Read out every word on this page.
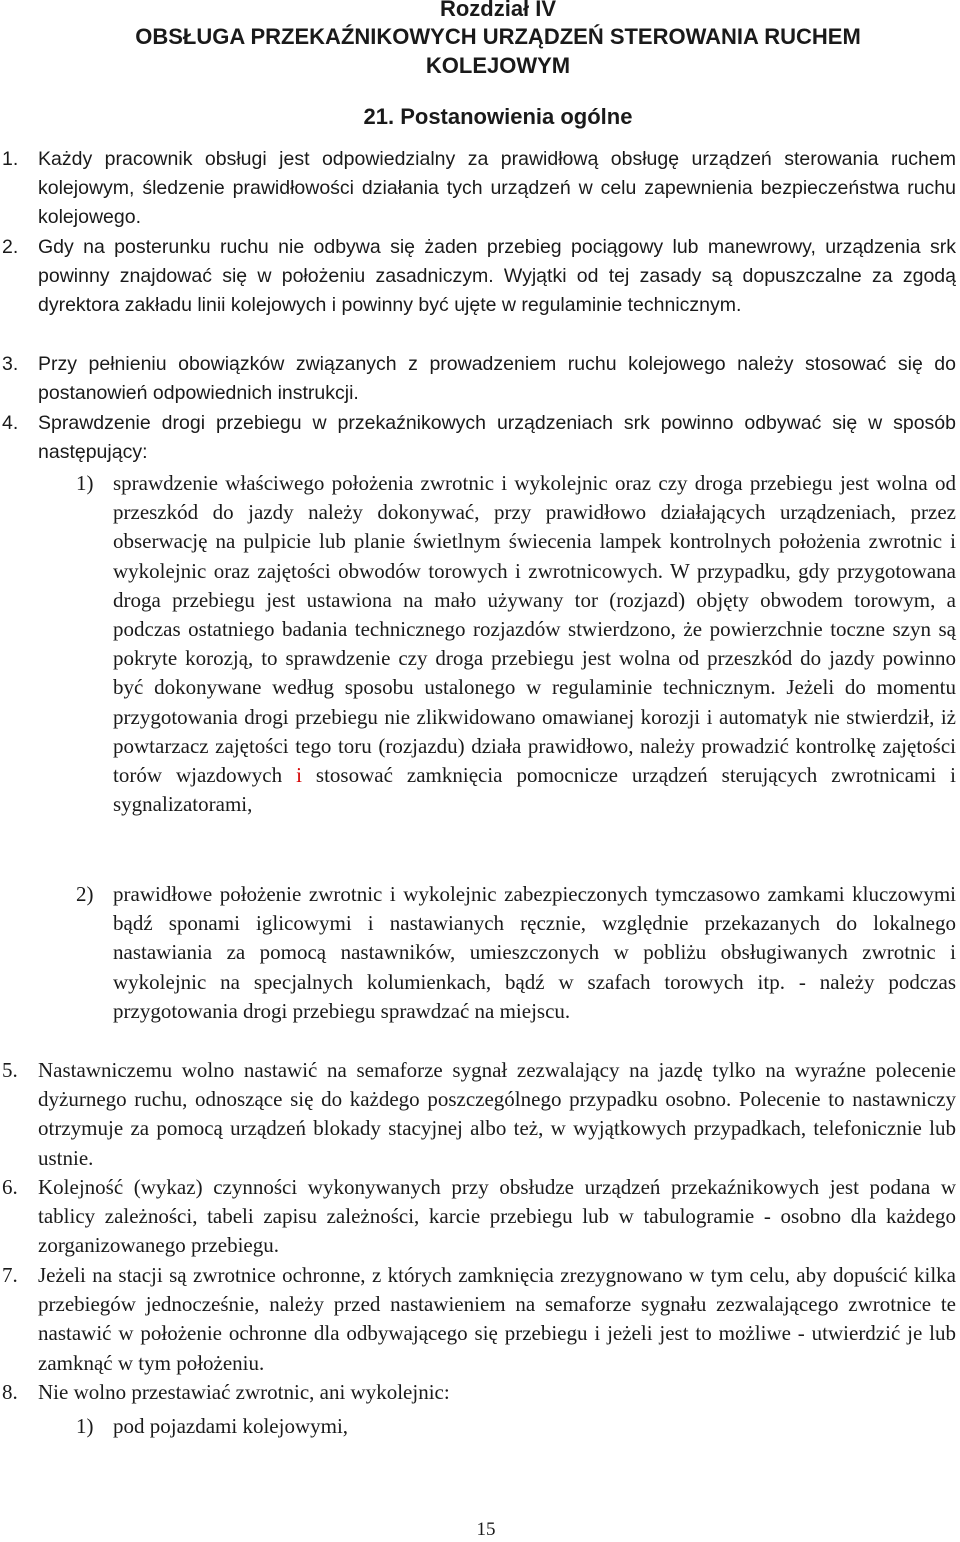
Rozdział IV
OBSŁUGA PRZEKAŹNIKOWYCH URZĄDZEŃ STEROWANIA RUCHEM
KOLEJOWYM
21. Postanowienia ogólne
1. Każdy pracownik obsługi jest odpowiedzialny za prawidłową obsługę urządzeń sterowania ruchem kolejowym, śledzenie prawidłowości działania tych urządzeń w celu zapewnienia bezpieczeństwa ruchu kolejowego.
2. Gdy na posterunku ruchu nie odbywa się żaden przebieg pociągowy lub manewrowy, urządzenia srk powinny znajdować się w położeniu zasadniczym. Wyjątki od tej zasady są dopuszczalne za zgodą dyrektora zakładu linii kolejowych i powinny być ujęte w regulaminie technicznym.
3. Przy pełnieniu obowiązków związanych z prowadzeniem ruchu kolejowego należy stosować się do postanowień odpowiednich instrukcji.
4. Sprawdzenie drogi przebiegu w przekaźnikowych urządzeniach srk powinno odbywać się w sposób następujący:
1) sprawdzenie właściwego położenia zwrotnic i wykolejnic oraz czy droga przebiegu jest wolna od przeszkód do jazdy należy dokonywać, przy prawidłowo działających urządzeniach, przez obserwację na pulpicie lub planie świetlnym świecenia lampek kontrolnych położenia zwrotnic i wykolejnic oraz zajętości obwodów torowych i zwrotnicowych. W przypadku, gdy przygotowana droga przebiegu jest ustawiona na mało używany tor (rozjazd) objęty obwodem torowym, a podczas ostatniego badania technicznego rozjazdów stwierdzono, że powierzchnie toczne szyn są pokryte korozją, to sprawdzenie czy droga przebiegu jest wolna od przeszkód do jazdy powinno być dokonywane według sposobu ustalonego w regulaminie technicznym. Jeżeli do momentu przygotowania drogi przebiegu nie zlikwidowano omawianej korozji i automatyk nie stwierdził, iż powtarzacz zajętości tego toru (rozjazdu) działa prawidłowo, należy prowadzić kontrolkę zajętości torów wjazdowych i stosować zamknięcia pomocnicze urządzeń sterujących zwrotnicami i sygnalizatorami,
2) prawidłowe położenie zwrotnic i wykolejnic zabezpieczonych tymczasowo zamkami kluczowymi bądź sponami iglicowymi i nastawianych ręcznie, względnie przekazanych do lokalnego nastawiania za pomocą nastawników, umieszczonych w pobliżu obsługiwanych zwrotnic i wykolejnic na specjalnych kolumienkach, bądź w szafach torowych itp. - należy podczas przygotowania drogi przebiegu sprawdzać na miejscu.
5. Nastawniczemu wolno nastawić na semaforze sygnał zezwalający na jazdę tylko na wyraźne polecenie dyżurnego ruchu, odnoszące się do każdego poszczególnego przypadku osobno. Polecenie to nastawniczy otrzymuje za pomocą urządzeń blokady stacyjnej albo też, w wyjątkowych przypadkach, telefonicznie lub ustnie.
6. Kolejność (wykaz) czynności wykonywanych przy obsłudze urządzeń przekaźnikowych jest podana w tablicy zależności, tabeli zapisu zależności, karcie przebiegu lub w tabulogramie - osobno dla każdego zorganizowanego przebiegu.
7. Jeżeli na stacji są zwrotnice ochronne, z których zamknięcia zrezygnowano w tym celu, aby dopuścić kilka przebiegów jednocześnie, należy przed nastawieniem na semaforze sygnału zezwalającego zwrotnice te nastawić w położenie ochronne dla odbywającego się przebiegu i jeżeli jest to możliwe - utwierdzić je lub zamknąć w tym położeniu.
8. Nie wolno przestawiać zwrotnic, ani wykolejnic:
1) pod pojazdami kolejowymi,
15
